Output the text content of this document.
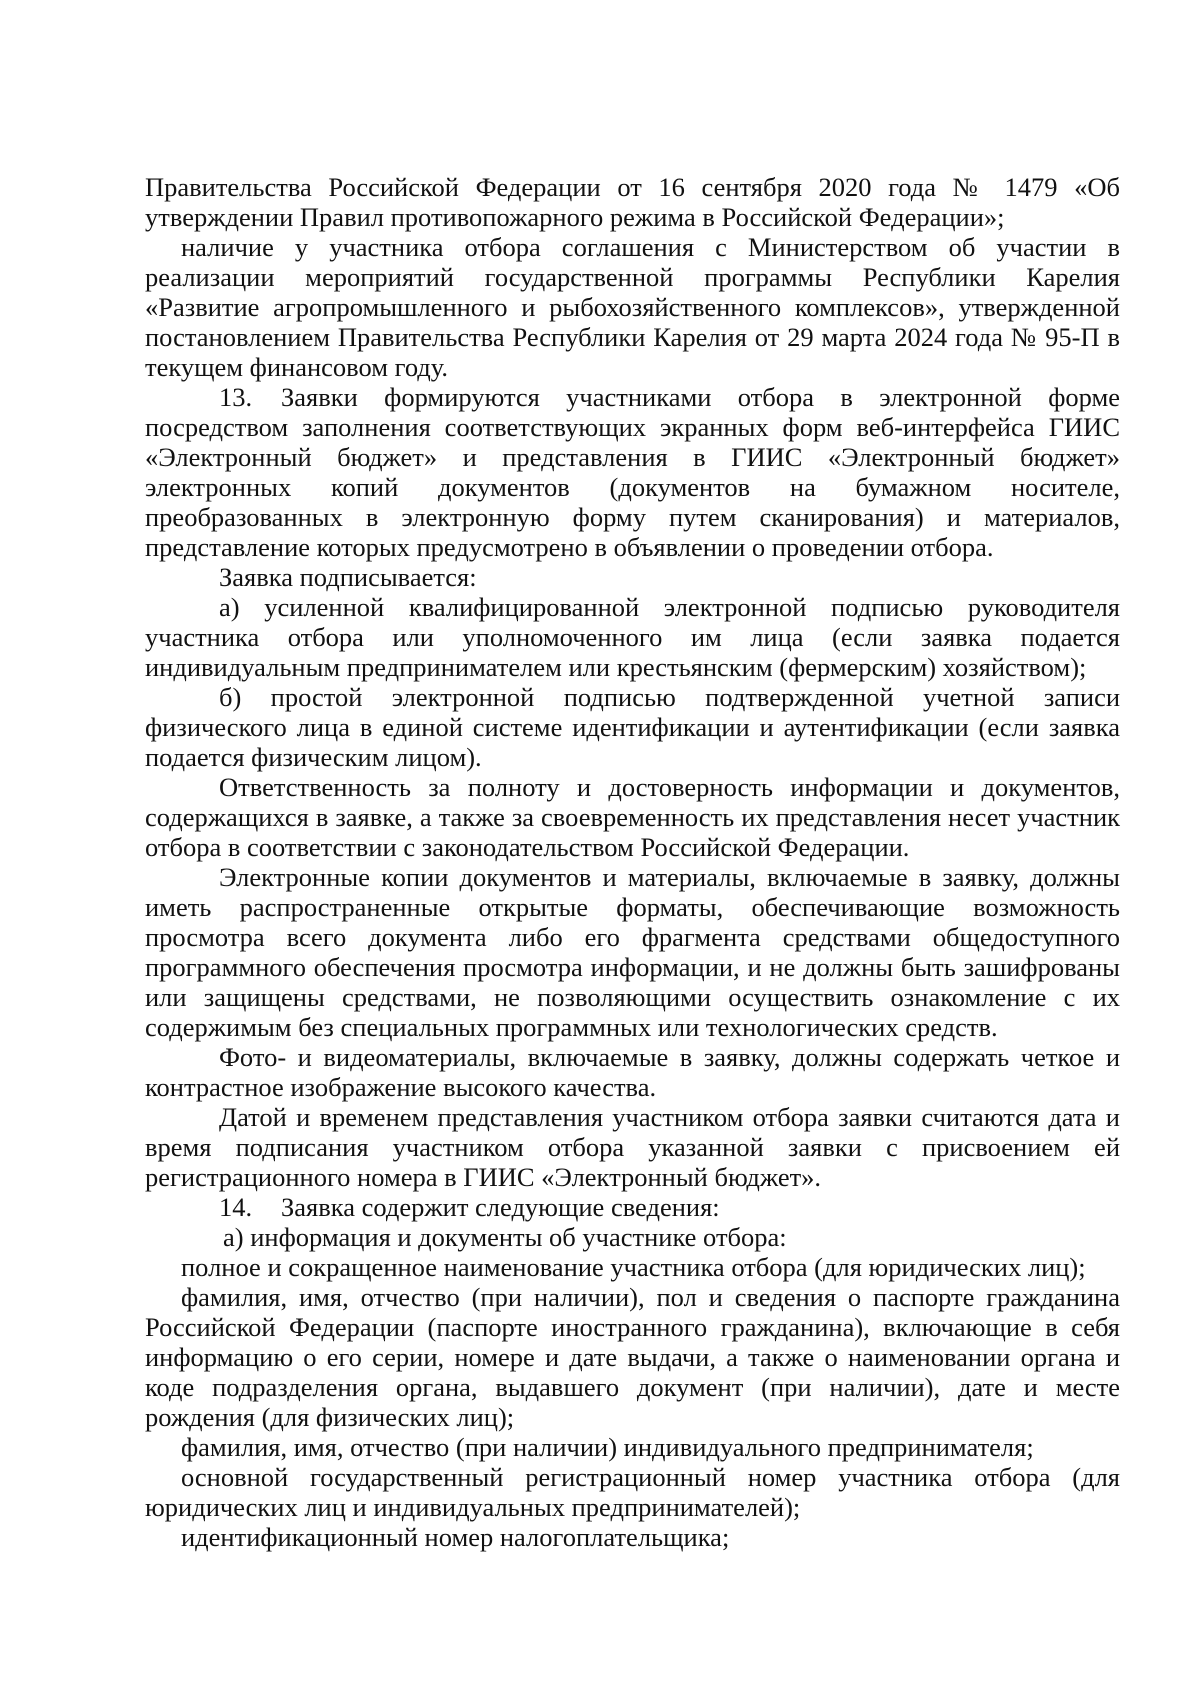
Правительства Российской Федерации от 16 сентября 2020 года № 1479 «Об утверждении Правил противопожарного режима в Российской Федерации»;

наличие у участника отбора соглашения с Министерством об участии в реализации мероприятий государственной программы Республики Карелия «Развитие агропромышленного и рыбохозяйственного комплексов», утвержденной постановлением Правительства Республики Карелия от 29 марта 2024 года № 95-П в текущем финансовом году.

13. Заявки формируются участниками отбора в электронной форме посредством заполнения соответствующих экранных форм веб-интерфейса ГИИС «Электронный бюджет» и представления в ГИИС «Электронный бюджет» электронных копий документов (документов на бумажном носителе, преобразованных в электронную форму путем сканирования) и материалов, представление которых предусмотрено в объявлении о проведении отбора.

Заявка подписывается:

а) усиленной квалифицированной электронной подписью руководителя участника отбора или уполномоченного им лица (если заявка подается индивидуальным предпринимателем или крестьянским (фермерским) хозяйством);

б) простой электронной подписью подтвержденной учетной записи физического лица в единой системе идентификации и аутентификации (если заявка подается физическим лицом).

Ответственность за полноту и достоверность информации и документов, содержащихся в заявке, а также за своевременность их представления несет участник отбора в соответствии с законодательством Российской Федерации.

Электронные копии документов и материалы, включаемые в заявку, должны иметь распространенные открытые форматы, обеспечивающие возможность просмотра всего документа либо его фрагмента средствами общедоступного программного обеспечения просмотра информации, и не должны быть зашифрованы или защищены средствами, не позволяющими осуществить ознакомление с их содержимым без специальных программных или технологических средств.

Фото- и видеоматериалы, включаемые в заявку, должны содержать четкое и контрастное изображение высокого качества.

Датой и временем представления участником отбора заявки считаются дата и время подписания участником отбора указанной заявки с присвоением ей регистрационного номера в ГИИС «Электронный бюджет».

14. Заявка содержит следующие сведения:

а) информация и документы об участнике отбора:

полное и сокращенное наименование участника отбора (для юридических лиц);

фамилия, имя, отчество (при наличии), пол и сведения о паспорте гражданина Российской Федерации (паспорте иностранного гражданина), включающие в себя информацию о его серии, номере и дате выдачи, а также о наименовании органа и коде подразделения органа, выдавшего документ (при наличии), дате и месте рождения (для физических лиц);

фамилия, имя, отчество (при наличии) индивидуального предпринимателя;

основной государственный регистрационный номер участника отбора (для юридических лиц и индивидуальных предпринимателей);

идентификационный номер налогоплательщика;
